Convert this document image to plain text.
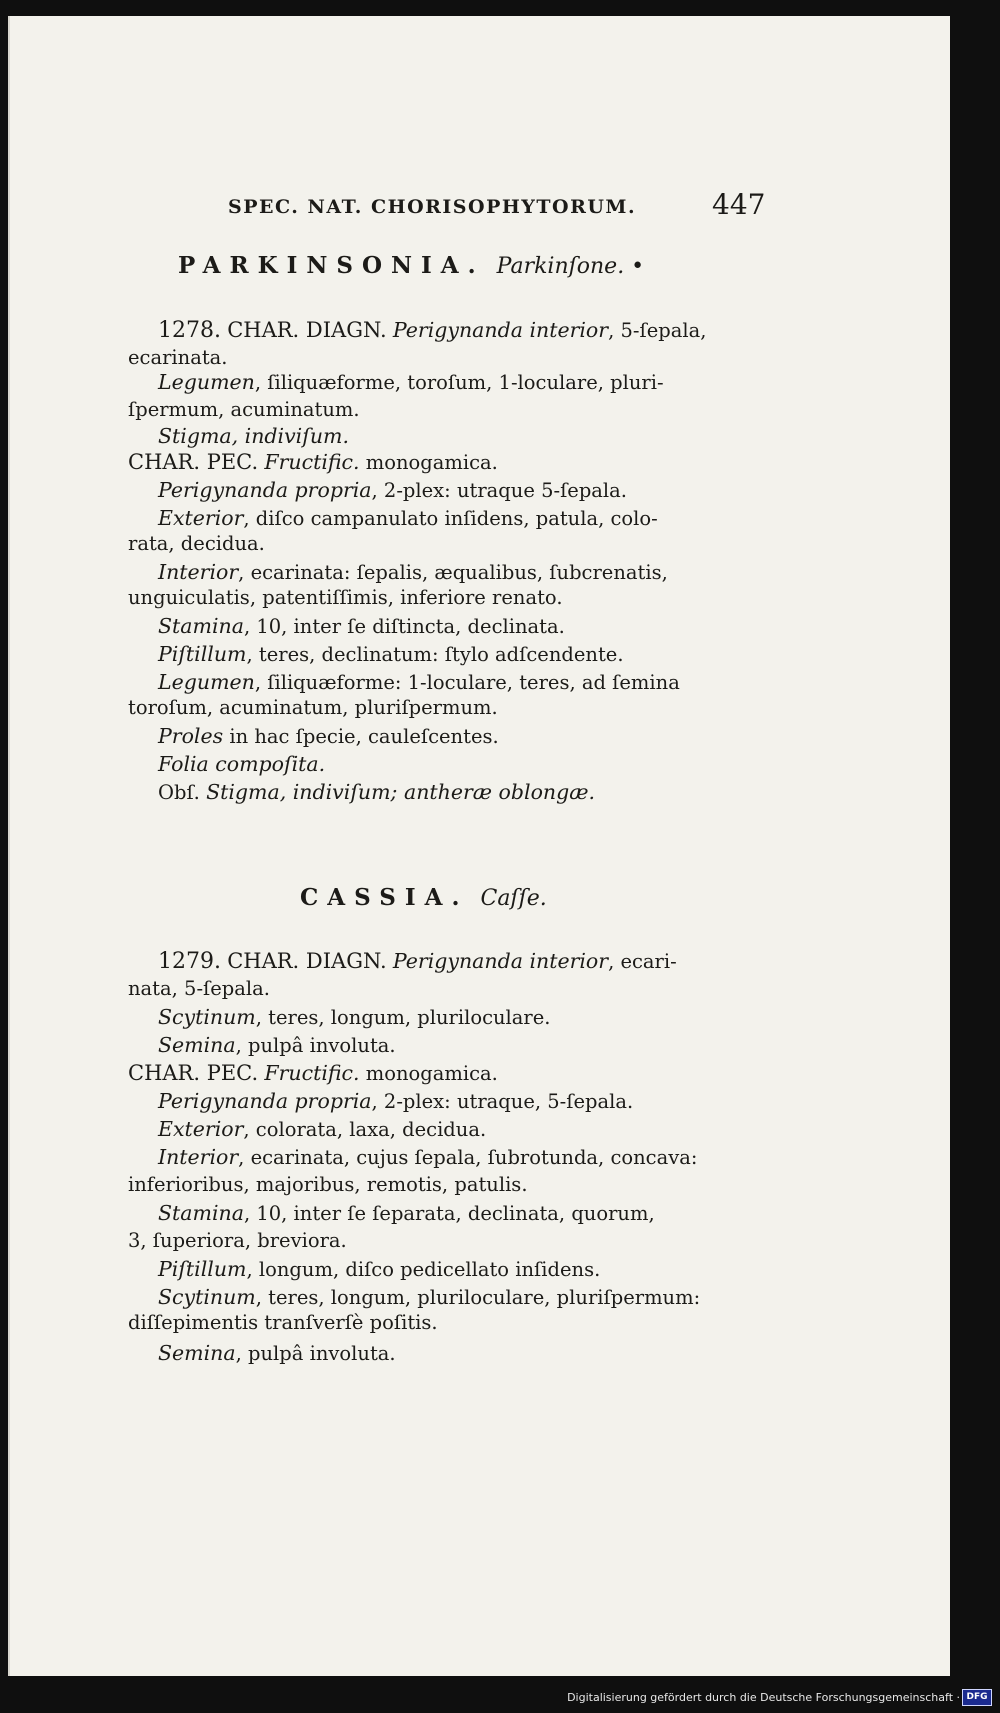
SPEC. NAT. CHORISOPHYTORUM.	447
PARKINSONIA. Parkinſone. •
1278. CHAR. DIAGN. Perigynanda interior, 5-ſepala,
ecarinata.
Legumen, ſiliquæforme, toroſum, 1-loculare, pluri-
ſpermum, acuminatum.
Stigma, indiviſum.
CHAR. PEC. Fructific. monogamica.
Perigynanda propria, 2-plex: utraque 5-ſepala.
Exterior, diſco campanulato inſidens, patula, colo-
rata, decidua.
Interior, ecarinata: ſepalis, æqualibus, ſubcrenatis,
unguiculatis, patentiſſimis, inferiore renato.
Stamina, 10, inter ſe diſtincta, declinata.
Piſtillum, teres, declinatum: ſtylo adſcendente.
Legumen, ſiliquæforme: 1-loculare, teres, ad ſemina
toroſum, acuminatum, pluriſpermum.
Proles in hac ſpecie, cauleſcentes.
Folia compoſita.
Obſ. Stigma, indiviſum; antheræ oblongæ.
CASSIA. Caſſe.
1279. CHAR. DIAGN. Perigynanda interior, ecari-
nata, 5-ſepala.
Scytinum, teres, longum, pluriloculare.
Semina, pulpâ involuta.
CHAR. PEC. Fructific. monogamica.
Perigynanda propria, 2-plex: utraque, 5-ſepala.
Exterior, colorata, laxa, decidua.
Interior, ecarinata, cujus ſepala, ſubrotunda, concava:
inferioribus, majoribus, remotis, patulis.
Stamina, 10, inter ſe ſeparata, declinata, quorum,
3, ſuperiora, breviora.
Piſtillum, longum, diſco pedicellato inſidens.
Scytinum, teres, longum, pluriloculare, pluriſpermum:
diſſepimentis tranſverſè poſitis.
Semina, pulpâ involuta.
Digitalisierung gefördert durch die Deutsche Forschungsgemeinschaft · DFG
